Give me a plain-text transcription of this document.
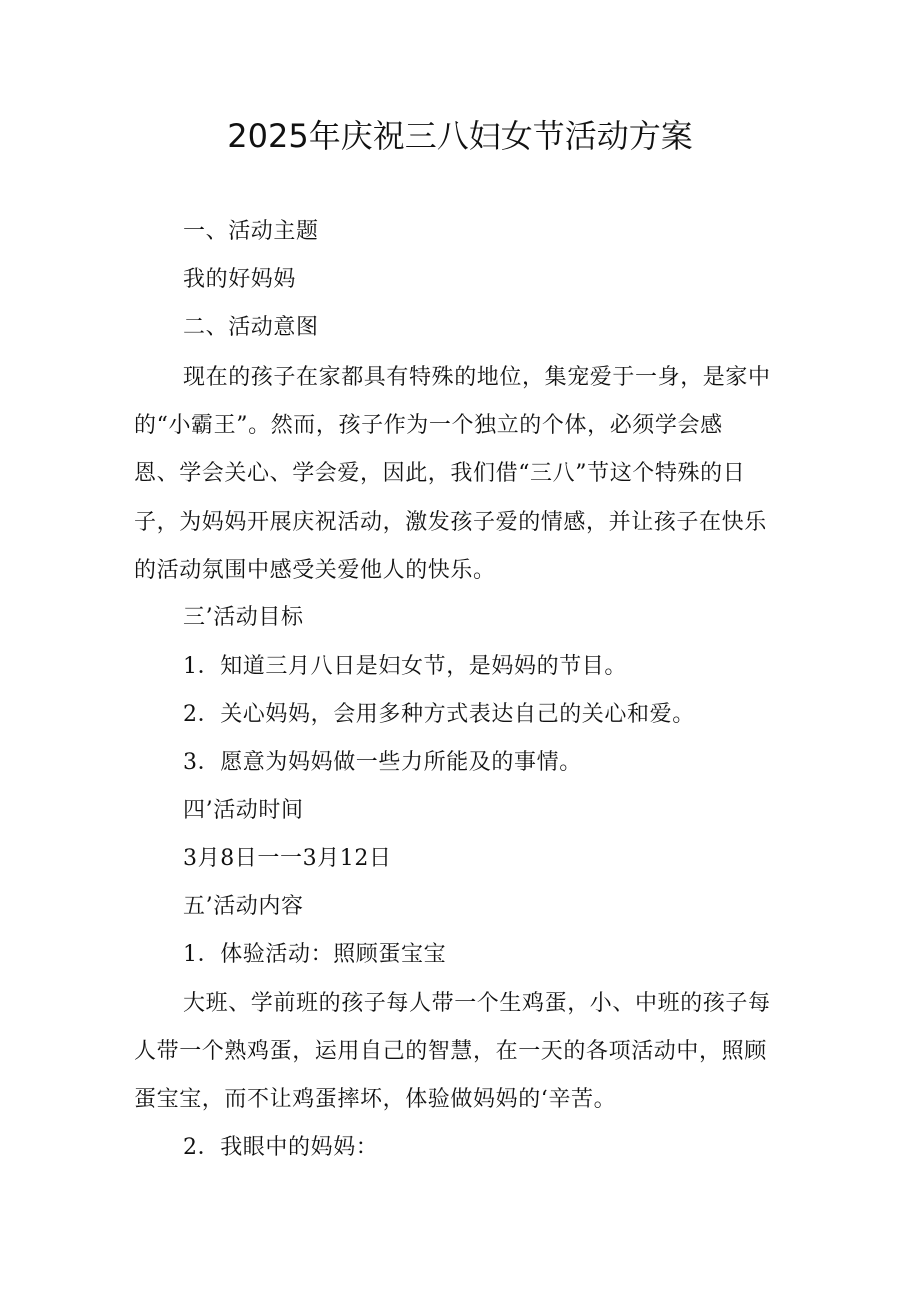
2025年庆祝三八妇女节活动方案
一、活动主题
我的好妈妈
二、活动意图
现在的孩子在家都具有特殊的地位，集宠爱于一身，是家中
的“小霸王”。然而，孩子作为一个独立的个体，必须学会感
恩、学会关心、学会爱，因此，我们借“三八”节这个特殊的日
子，为妈妈开展庆祝活动，激发孩子爱的情感，并让孩子在快乐
的活动氛围中感受关爱他人的快乐。
三’活动目标
1．知道三月八日是妇女节，是妈妈的节目。
2．关心妈妈，会用多种方式表达自己的关心和爱。
3．愿意为妈妈做一些力所能及的事情。
四’活动时间
3月8日一一3月12日
五’活动内容
1．体验活动：照顾蛋宝宝
大班、学前班的孩子每人带一个生鸡蛋，小、中班的孩子每
人带一个熟鸡蛋，运用自己的智慧，在一天的各项活动中，照顾
蛋宝宝，而不让鸡蛋摔坏，体验做妈妈的‘辛苦。
2．我眼中的妈妈：
